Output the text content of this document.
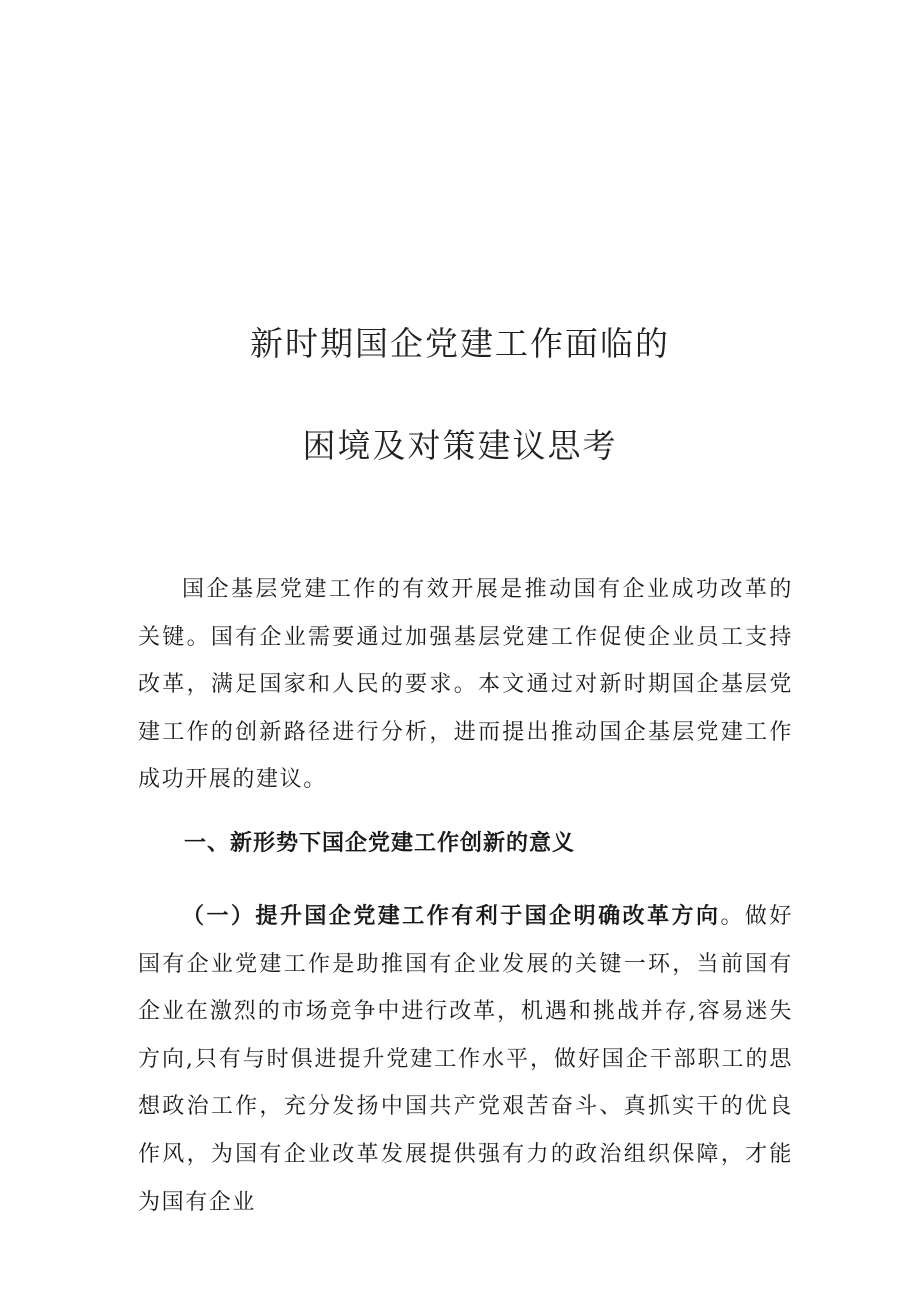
新时期国企党建工作面临的
困境及对策建议思考

国企基层党建工作的有效开展是推动国有企业成功改革的关键。国有企业需要通过加强基层党建工作促使企业员工支持改革，满足国家和人民的要求。本文通过对新时期国企基层党建工作的创新路径进行分析，进而提出推动国企基层党建工作成功开展的建议。

一、新形势下国企党建工作创新的意义

（一）提升国企党建工作有利于国企明确改革方向。做好国有企业党建工作是助推国有企业发展的关键一环，当前国有企业在激烈的市场竞争中进行改革，机遇和挑战并存,容易迷失方向,只有与时俱进提升党建工作水平，做好国企干部职工的思想政治工作，充分发扬中国共产党艰苦奋斗、真抓实干的优良作风，为国有企业改革发展提供强有力的政治组织保障，才能为国有企业
